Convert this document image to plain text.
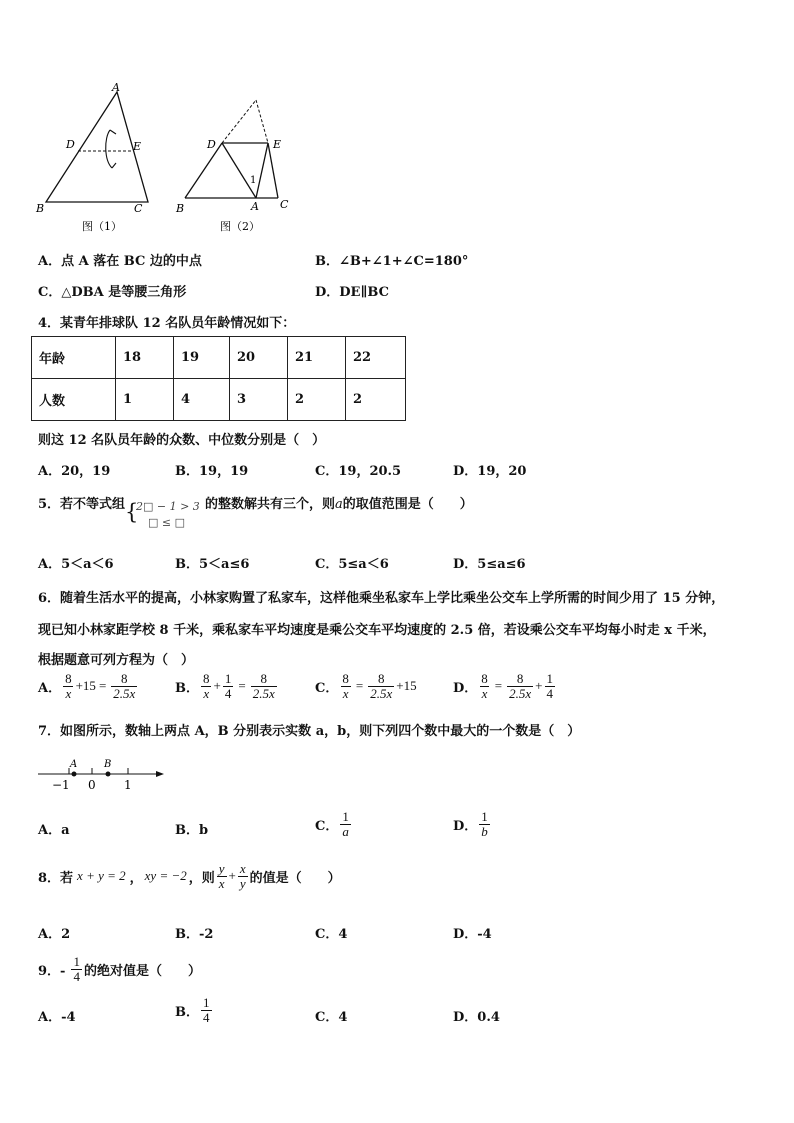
A
B	C
D	E
图（1）
D	E
B	A C
1
图（2）
A．点 A 落在 BC 边的中点	B．∠B+∠1+∠C=180°
C．△DBA 是等腰三角形	D．DE∥BC
4．某青年排球队 12 名队员年龄情况如下：
年龄	18	19	20	21	22
人数	1	4	3	2	2
则这 12 名队员年龄的众数、中位数分别是（　）
A．20，19	B．19，19	C．19，20.5	D．19，20
5．若不等式组 {
2□ − 1 > 3
□ ≤ □
的整数解共有三个，则a的取值范围是（　　）
A．5＜a＜6	B．5＜a≤6	C．5≤a＜6	D．5≤a≤6
6．随着生活水平的提高，小林家购置了私家车，这样他乘坐私家车上学比乘坐公交车上学所需的时间少用了 15 分钟，
现已知小林家距学校 8 千米，乘私家车平均速度是乘公交车平均速度的 2.5 倍，若设乘公交车平均每小时走 x 千米，
根据题意可列方程为（　）
A． $\frac{8}{x} +15 = \frac{8}{2.5x}$	B． $\frac{8}{x} + \frac{1}{4} = \frac{8}{2.5x}$	C． $\frac{8}{x} = \frac{8}{2.5x} +15$	D． $\frac{8}{x} = \frac{8}{2.5x} + \frac{1}{4}$
7．如图所示，数轴上两点 A，B 分别表示实数 a，b，则下列四个数中最大的一个数是（　）
A	B
−1 0 1
A．a	B．b	C． $\frac{1}{a}$	D． $\frac{1}{b}$
8．若 x + y = 2 ， xy = −2 ，则 $\frac{y}{x} + \frac{x}{y}$ 的值是（　　）
A．2	B．-2	C．4	D．-4
9．- $\frac{1}{4}$ 的绝对值是（　　）
A．-4	B． $\frac{1}{4}$	C．4	D．0.4
